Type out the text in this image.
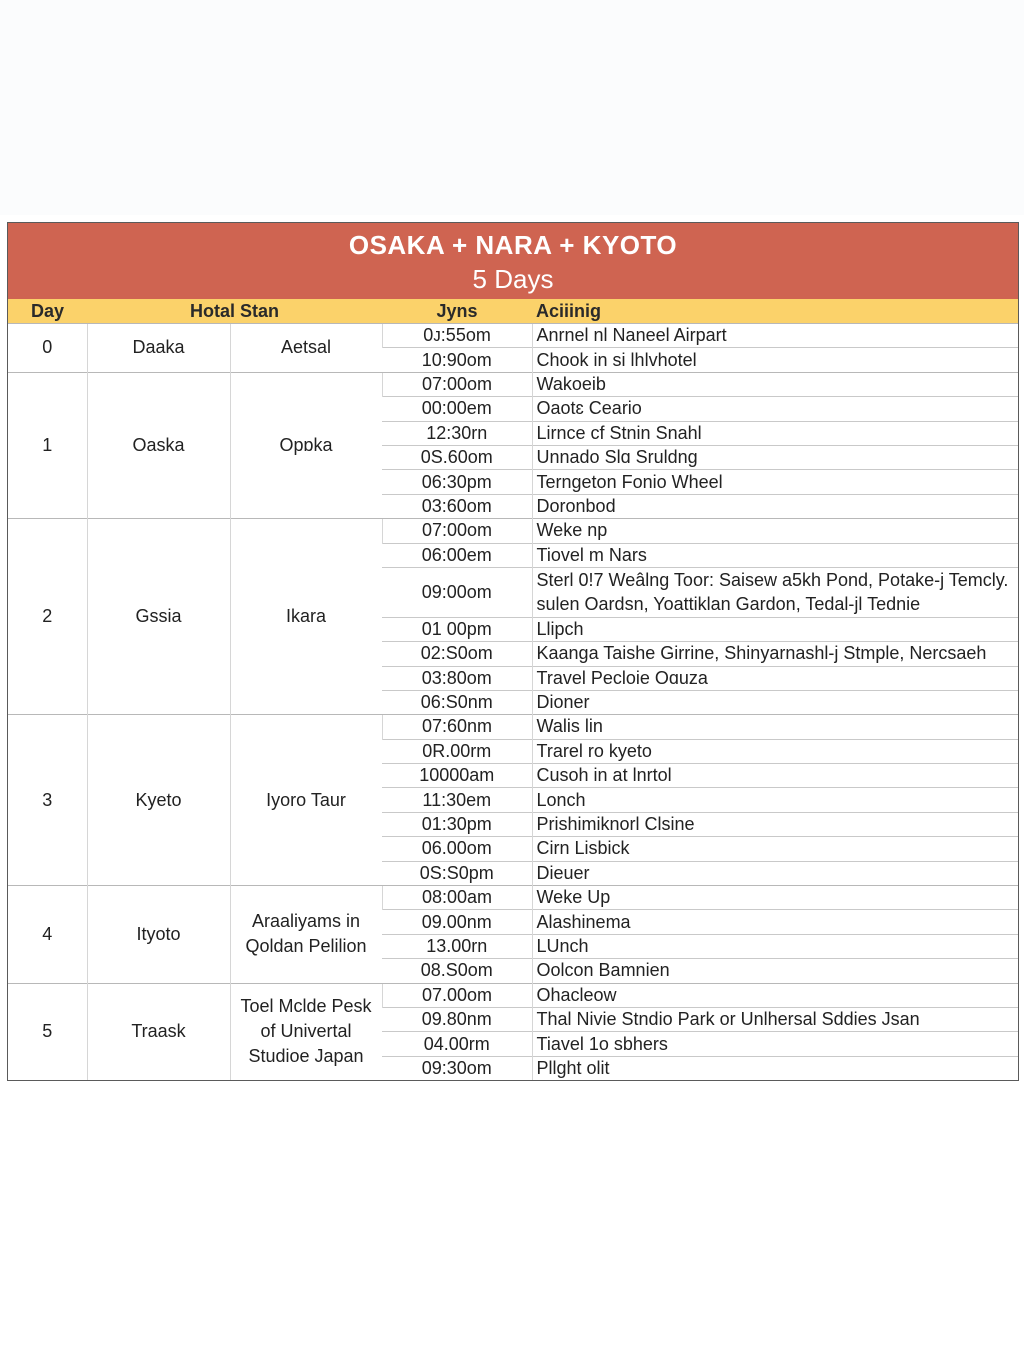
OSAKA + NARA + KYOTO
5 Days
Day	Hotal Stan		Jyns	Aciiinig
0	Daaka	Aetsal	0ᴊ:55om	Anrnel nl Naneel Airpart
			10:90om	Chook in si lhlvhotel
1	Oaska	Oрɒkа	07:00om	Wakoeib
			00:00em	Oaotɛ Ceario
			12:30rn	Lirnce cf Stnin Snahl
			0S.60om	Unnado Slɑ Sruldng
			06:30pm	Terngeton Fonio Wheel
			03:60om	Doronbod
2	Gssia	Ikara	07:00om	Weke np
			06:00em	Tiovel m Nars
			09:00om	Sterl 0!7 Weâlng Toor: Saisew a5kh Pond, Potake-j Temcly. sulen Oardsn, Yoattiklan Gardon, Tedal-jl Tednie
			01 00pm	Llipch
			02:S0om	Kaanga Taishe Girrine, Shinyarnashl-j Stmple, Nercsaeh
			03:80om	Travel Pecloie Oɑuza
			06:S0nm	Dioner
3	Kyeto	Iyoro Taur	07:60nm	Walis lin
			0R.00rm	Trarel ro kyeto
			10000am	Cusoh in at lnrtol
			11:30em	Lonch
			01:30pm	Prishimiknorl Clsine
			06.00om	Cirn Lisbick
			0S:S0pm	Dieuer
4	Ityoto	Araaliyams in Qoldan Pelilion	08:00am	Weke Up
			09.00nm	Alashinema
			13.00rn	LUnch
			08.S0om	Oolcon Bamnien
5	Traask	Toel Mclde Pesk of Univertal Studioe Japan	07.00om	Ohacleow
			09.80nm	Thal Nivie Stndio Park or Unlhersal Sddies Jsan
			04.00rm	Tiavel 1o sbhers
			09:30om	Pllght olit
